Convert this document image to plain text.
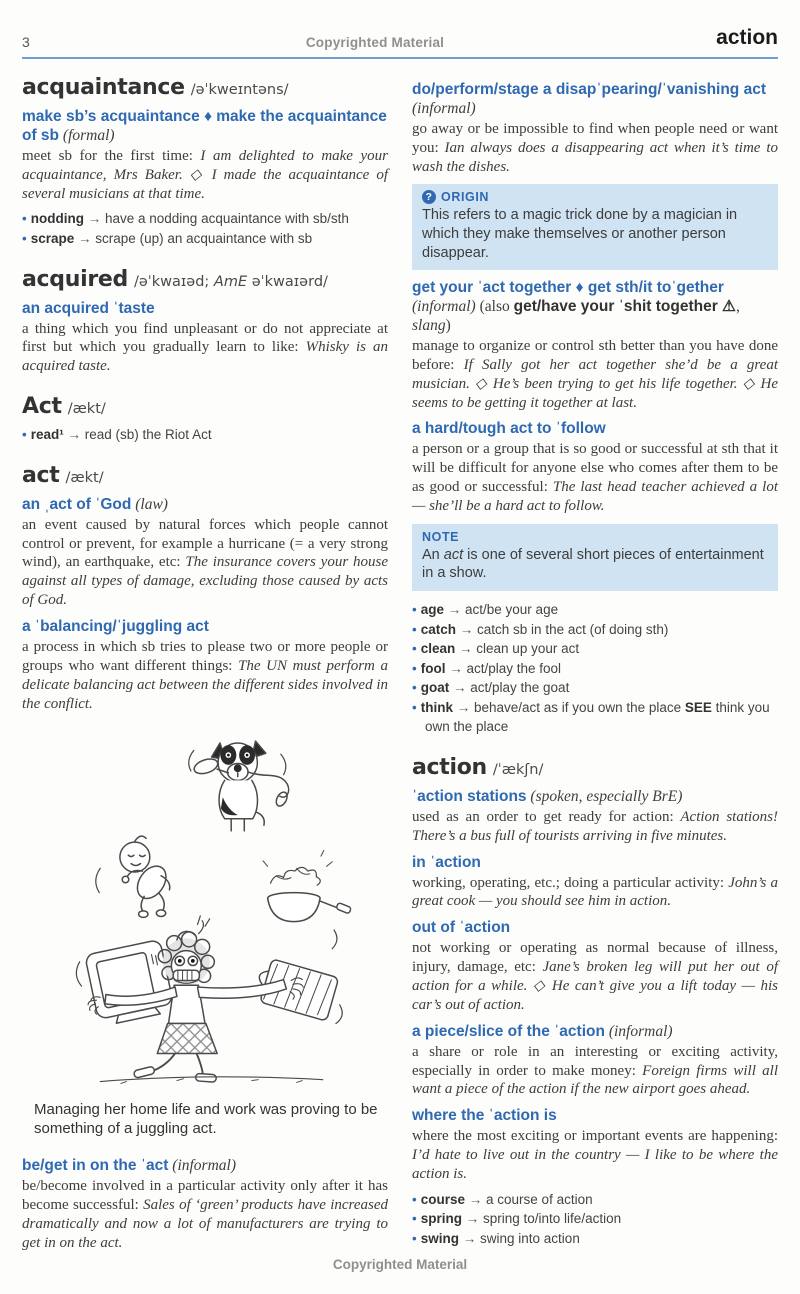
3	Copyrighted Material	action
acquaintance /əˈkweɪntəns/
make sb’s acquaintance ♦ make the acquaintance of sb (formal)

meet sb for the first time: I am delighted to make your acquaintance, Mrs Baker. ◇ I made the acquaintance of several musicians at that time.

• nodding → have a nodding acquaintance with sb/sth
• scrape → scrape (up) an acquaintance with sb
acquired /əˈkwaɪəd; AmE əˈkwaɪərd/
an acquired ˈtaste

a thing which you find unpleasant or do not appreciate at first but which you gradually learn to like: Whisky is an acquired taste.

Act /ækt/
• read¹ → read (sb) the Riot Act
act /ækt/
an ˌact of ˈGod (law)

an event caused by natural forces which people cannot control or prevent, for example a hurricane (= a very strong wind), an earthquake, etc: The insurance covers your house against all types of damage, excluding those caused by acts of God.

a ˈbalancing/ˈjuggling act

a process in which sb tries to please two or more people or groups who want different things: The UN must perform a delicate balancing act between the different sides involved in the conflict.

Managing her home life and work was proving to be something of a juggling act.

be/get in on the ˈact (informal)

be/become involved in a particular activity only after it has become successful: Sales of ‘green’ products have increased dramatically and now a lot of manufacturers are trying to get in on the act.

do/perform/stage a disapˈpearing/ˈvanishing act (informal)

go away or be impossible to find when people need or want you: Ian always does a disappearing act when it’s time to wash the dishes.

? ORIGIN

This refers to a magic trick done by a magician in which they make themselves or another person disappear.

get your ˈact together ♦ get sth/it toˈgether (informal) (also get/have your ˈshit together ⚠, slang)

manage to organize or control sth better than you have done before: If Sally got her act together she’d be a great musician. ◇ He’s been trying to get his life together. ◇ He seems to be getting it together at last.

a hard/tough act to ˈfollow

a person or a group that is so good or successful at sth that it will be difficult for anyone else who comes after them to be as good or successful: The last head teacher achieved a lot — she’ll be a hard act to follow.

NOTE

An act is one of several short pieces of entertainment in a show.

• age → act/be your age
• catch → catch sb in the act (of doing sth)
• clean → clean up your act
• fool → act/play the fool
• goat → act/play the goat
• think → behave/act as if you own the place SEE think you own the place
action /ˈækʃn/
ˈaction stations (spoken, especially BrE)

used as an order to get ready for action: Action stations! There’s a bus full of tourists arriving in five minutes.

in ˈaction

working, operating, etc.; doing a particular activity: John’s a great cook — you should see him in action.

out of ˈaction

not working or operating as normal because of illness, injury, damage, etc: Jane’s broken leg will put her out of action for a while. ◇ He can’t give you a lift today — his car’s out of action.

a piece/slice of the ˈaction (informal)

a share or role in an interesting or exciting activity, especially in order to make money: Foreign firms will all want a piece of the action if the new airport goes ahead.

where the ˈaction is

where the most exciting or important events are happening: I’d hate to live out in the country — I like to be where the action is.

• course → a course of action
• spring → spring to/into life/action
• swing → swing into action
Copyrighted Material
